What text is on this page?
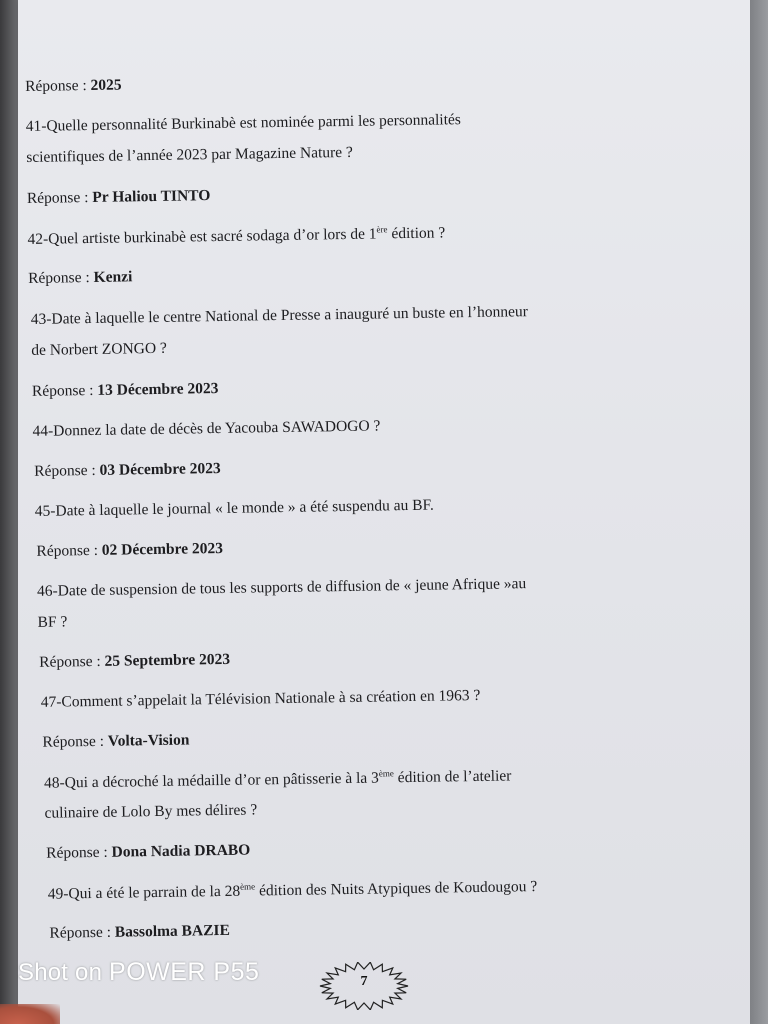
Réponse : 2025
41-Quelle personnalité Burkinabè est nominée parmi les personnalités
scientifiques de l’année 2023 par Magazine Nature ?
Réponse : Pr Haliou TINTO
42-Quel artiste burkinabè est sacré sodaga d’or lors de 1ère édition ?
Réponse : Kenzi
43-Date à laquelle le centre National de Presse a inauguré un buste en l’honneur
de Norbert ZONGO ?
Réponse : 13 Décembre 2023
44-Donnez la date de décès de Yacouba SAWADOGO ?
Réponse : 03 Décembre 2023
45-Date à laquelle le journal « le monde » a été suspendu au BF.
Réponse : 02 Décembre 2023
46-Date de suspension de tous les supports de diffusion de « jeune Afrique »au
BF ?
Réponse : 25 Septembre 2023
47-Comment s’appelait la Télévision Nationale à sa création en 1963 ?
Réponse : Volta-Vision
48-Qui a décroché la médaille d’or en pâtisserie à la 3ème édition de l’atelier
culinaire de Lolo By mes délires ?
Réponse : Dona Nadia DRABO
49-Qui a été le parrain de la 28ème édition des Nuits Atypiques de Koudougou ?
Réponse : Bassolma BAZIE
7
Shot on POWER P55
